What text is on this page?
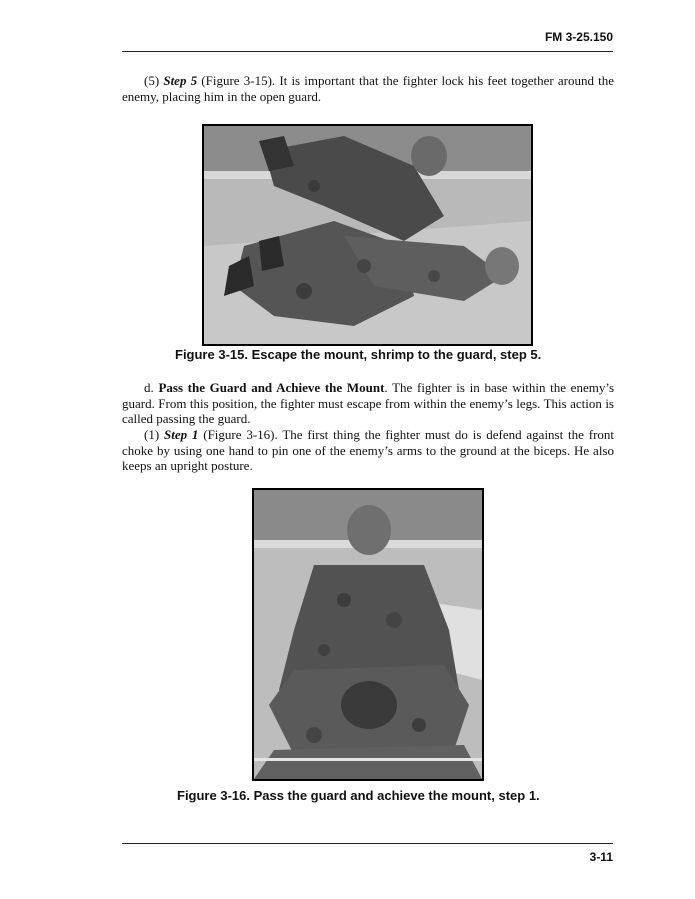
FM 3-25.150

(5) Step 5 (Figure 3-15). It is important that the fighter lock his feet together around the enemy, placing him in the open guard.

Figure 3-15. Escape the mount, shrimp to the guard, step 5.

d. Pass the Guard and Achieve the Mount. The fighter is in base within the enemy’s guard. From this position, the fighter must escape from within the enemy’s legs. This action is called passing the guard.

(1) Step 1 (Figure 3-16). The first thing the fighter must do is defend against the front choke by using one hand to pin one of the enemy’s arms to the ground at the biceps. He also keeps an upright posture.

Figure 3-16. Pass the guard and achieve the mount, step 1.
3-11
